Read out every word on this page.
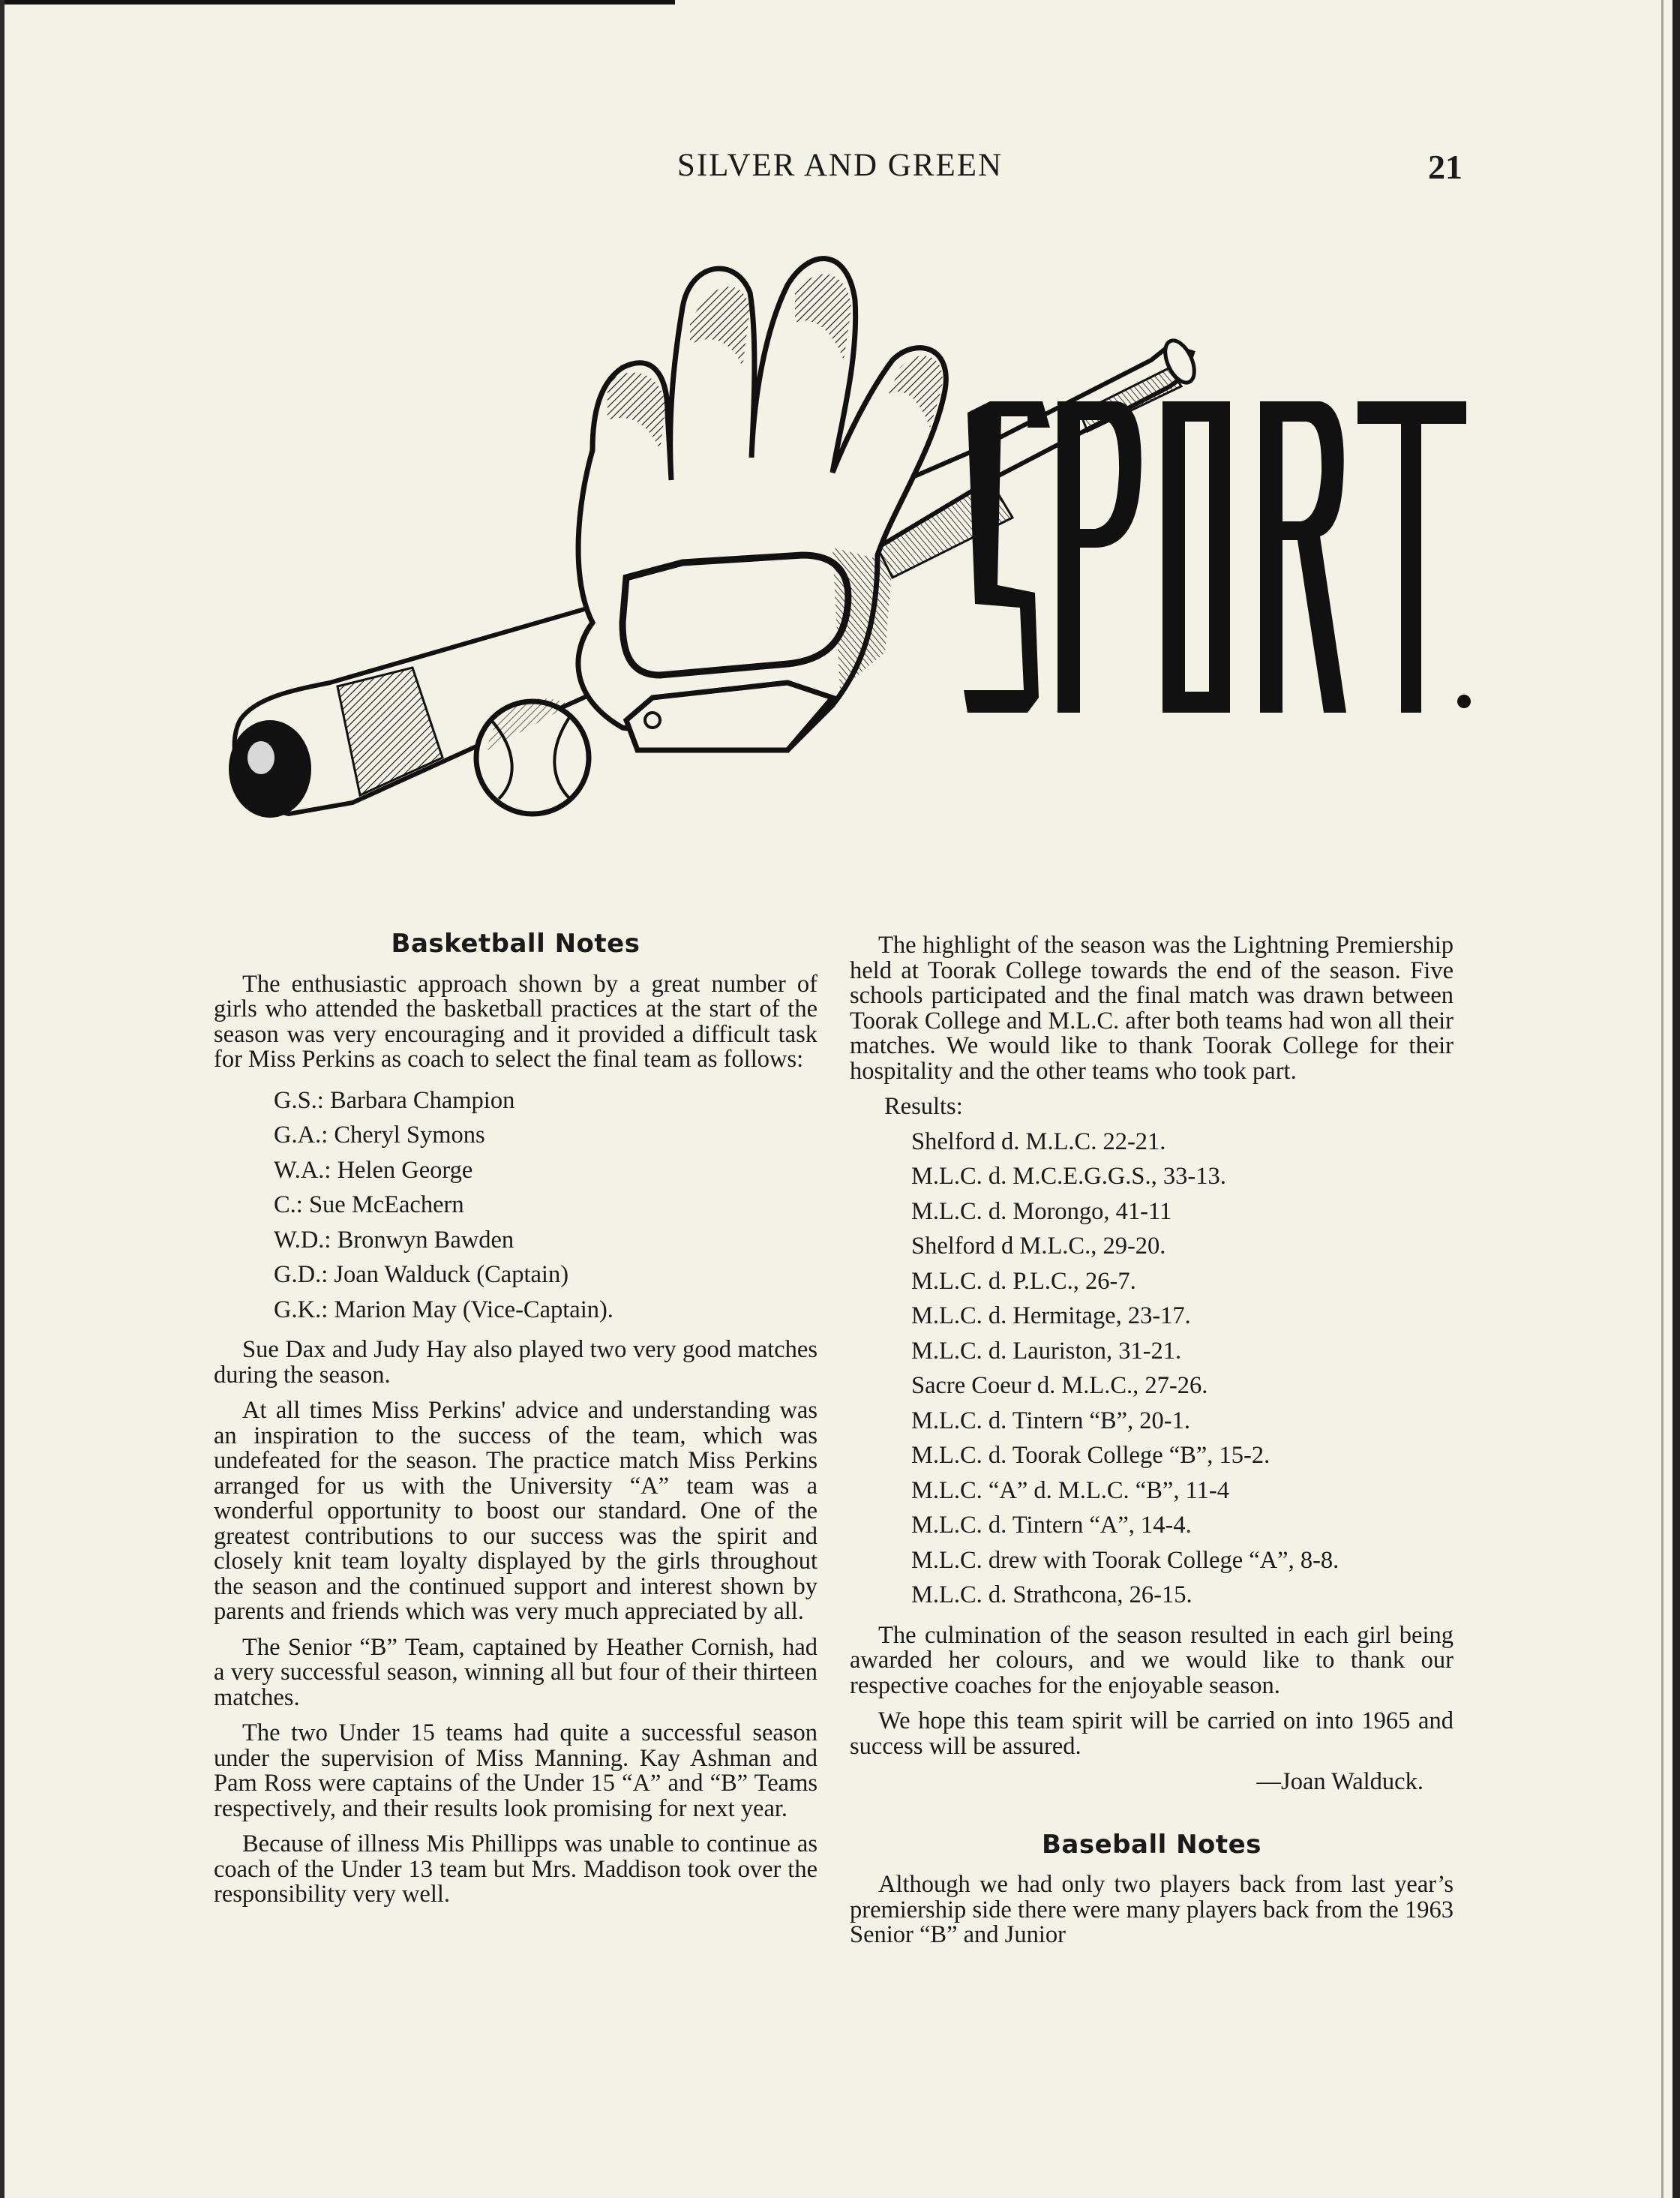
SILVER AND GREEN	21
Basketball Notes

The enthusiastic approach shown by a great number of girls who attended the basketball practices at the start of the season was very encouraging and it provided a difficult task for Miss Perkins as coach to select the final team as follows:

G.S.: Barbara Champion
G.A.: Cheryl Symons
W.A.: Helen George
C.: Sue McEachern
W.D.: Bronwyn Bawden
G.D.: Joan Walduck (Captain)
G.K.: Marion May (Vice-Captain).

Sue Dax and Judy Hay also played two very good matches during the season.

At all times Miss Perkins' advice and understanding was an inspiration to the success of the team, which was undefeated for the season. The practice match Miss Perkins arranged for us with the University “A” team was a wonderful opportunity to boost our standard. One of the greatest contributions to our success was the spirit and closely knit team loyalty displayed by the girls throughout the season and the continued support and interest shown by parents and friends which was very much appreciated by all.

The Senior “B” Team, captained by Heather Cornish, had a very successful season, winning all but four of their thirteen matches.

The two Under 15 teams had quite a successful season under the supervision of Miss Manning. Kay Ashman and Pam Ross were captains of the Under 15 “A” and “B” Teams respectively, and their results look promising for next year.

Because of illness Mis Phillipps was unable to continue as coach of the Under 13 team but Mrs. Maddison took over the responsibility very well.

The highlight of the season was the Lightning Premiership held at Toorak College towards the end of the season. Five schools participated and the final match was drawn between Toorak College and M.L.C. after both teams had won all their matches. We would like to thank Toorak College for their hospitality and the other teams who took part.

Results:
Shelford d. M.L.C. 22-21.
M.L.C. d. M.C.E.G.G.S., 33-13.
M.L.C. d. Morongo, 41-11
Shelford d M.L.C., 29-20.
M.L.C. d. P.L.C., 26-7.
M.L.C. d. Hermitage, 23-17.
M.L.C. d. Lauriston, 31-21.
Sacre Coeur d. M.L.C., 27-26.
M.L.C. d. Tintern “B”, 20-1.
M.L.C. d. Toorak College “B”, 15-2.
M.L.C. “A” d. M.L.C. “B”, 11-4
M.L.C. d. Tintern “A”, 14-4.
M.L.C. drew with Toorak College “A”, 8-8.
M.L.C. d. Strathcona, 26-15.

The culmination of the season resulted in each girl being awarded her colours, and we would like to thank our respective coaches for the enjoyable season.

We hope this team spirit will be carried on into 1965 and success will be assured.

—Joan Walduck.
Baseball Notes

Although we had only two players back from last year’s premiership side there were many players back from the 1963 Senior “B” and Junior
